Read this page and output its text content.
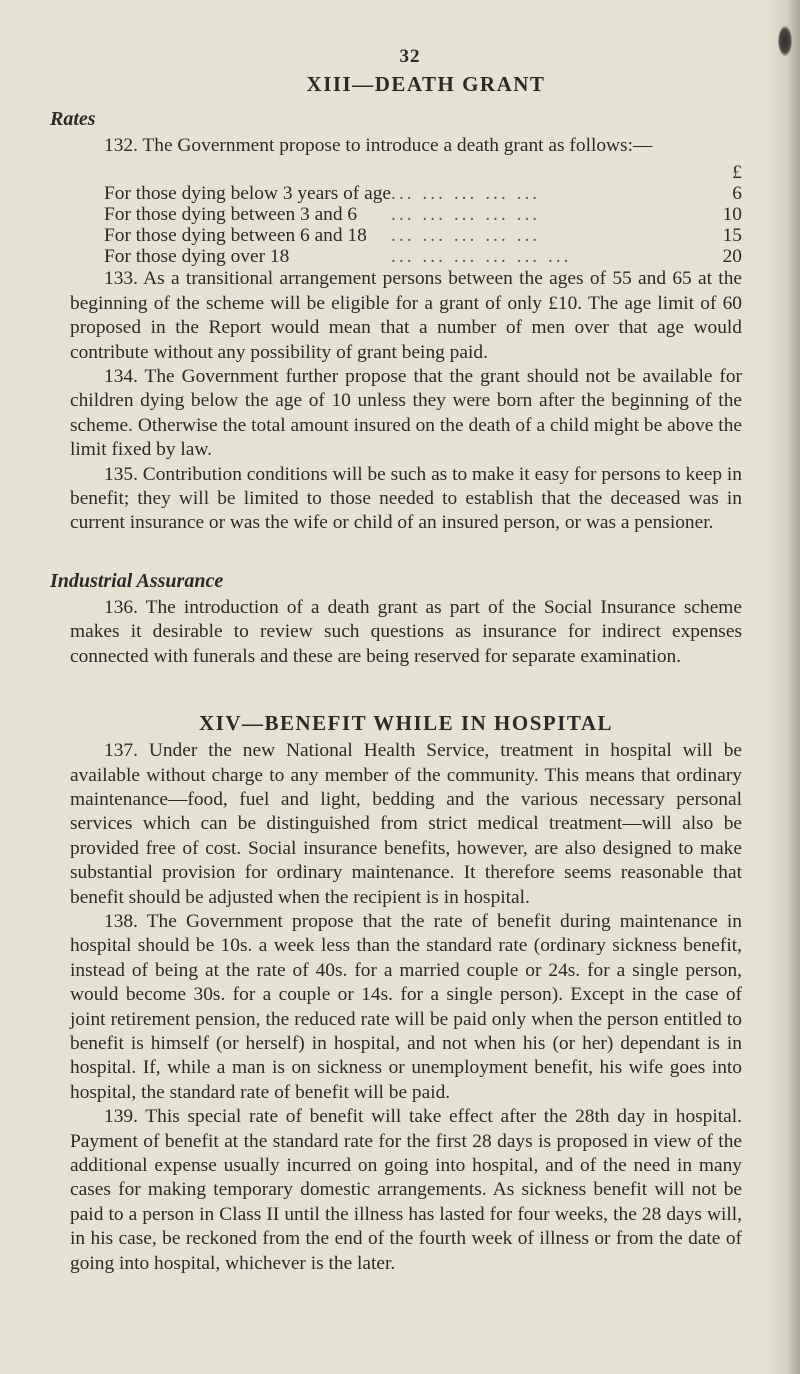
32
XIII—DEATH GRANT
Rates

132. The Government propose to introduce a death grant as follows:—

		£
For those dying below 3 years of age	... ... ... ... ...	6
For those dying between 3 and 6	... ... ... ... ...	10
For those dying between 6 and 18	... ... ... ... ...	15
For those dying over 18	... ... ... ... ... ...	20

133. As a transitional arrangement persons between the ages of 55 and 65 at the beginning of the scheme will be eligible for a grant of only £10. The age limit of 60 proposed in the Report would mean that a number of men over that age would contribute without any possibility of grant being paid.

134. The Government further propose that the grant should not be available for children dying below the age of 10 unless they were born after the beginning of the scheme. Otherwise the total amount insured on the death of a child might be above the limit fixed by law.

135. Contribution conditions will be such as to make it easy for persons to keep in benefit; they will be limited to those needed to establish that the deceased was in current insurance or was the wife or child of an insured person, or was a pensioner.

Industrial Assurance

136. The introduction of a death grant as part of the Social Insurance scheme makes it desirable to review such questions as insurance for indirect expenses connected with funerals and these are being reserved for separate examination.

XIV—BENEFIT WHILE IN HOSPITAL

137. Under the new National Health Service, treatment in hospital will be available without charge to any member of the community. This means that ordinary maintenance—food, fuel and light, bedding and the various necessary personal services which can be distinguished from strict medical treatment—will also be provided free of cost. Social insurance benefits, however, are also designed to make substantial provision for ordinary maintenance. It therefore seems reasonable that benefit should be adjusted when the recipient is in hospital.

138. The Government propose that the rate of benefit during maintenance in hospital should be 10s. a week less than the standard rate (ordinary sickness benefit, instead of being at the rate of 40s. for a married couple or 24s. for a single person, would become 30s. for a couple or 14s. for a single person). Except in the case of joint retirement pension, the reduced rate will be paid only when the person entitled to benefit is himself (or herself) in hospital, and not when his (or her) dependant is in hospital. If, while a man is on sickness or unemployment benefit, his wife goes into hospital, the standard rate of benefit will be paid.

139. This special rate of benefit will take effect after the 28th day in hospital. Payment of benefit at the standard rate for the first 28 days is proposed in view of the additional expense usually incurred on going into hospital, and of the need in many cases for making temporary domestic arrangements. As sickness benefit will not be paid to a person in Class II until the illness has lasted for four weeks, the 28 days will, in his case, be reckoned from the end of the fourth week of illness or from the date of going into hospital, whichever is the later.
